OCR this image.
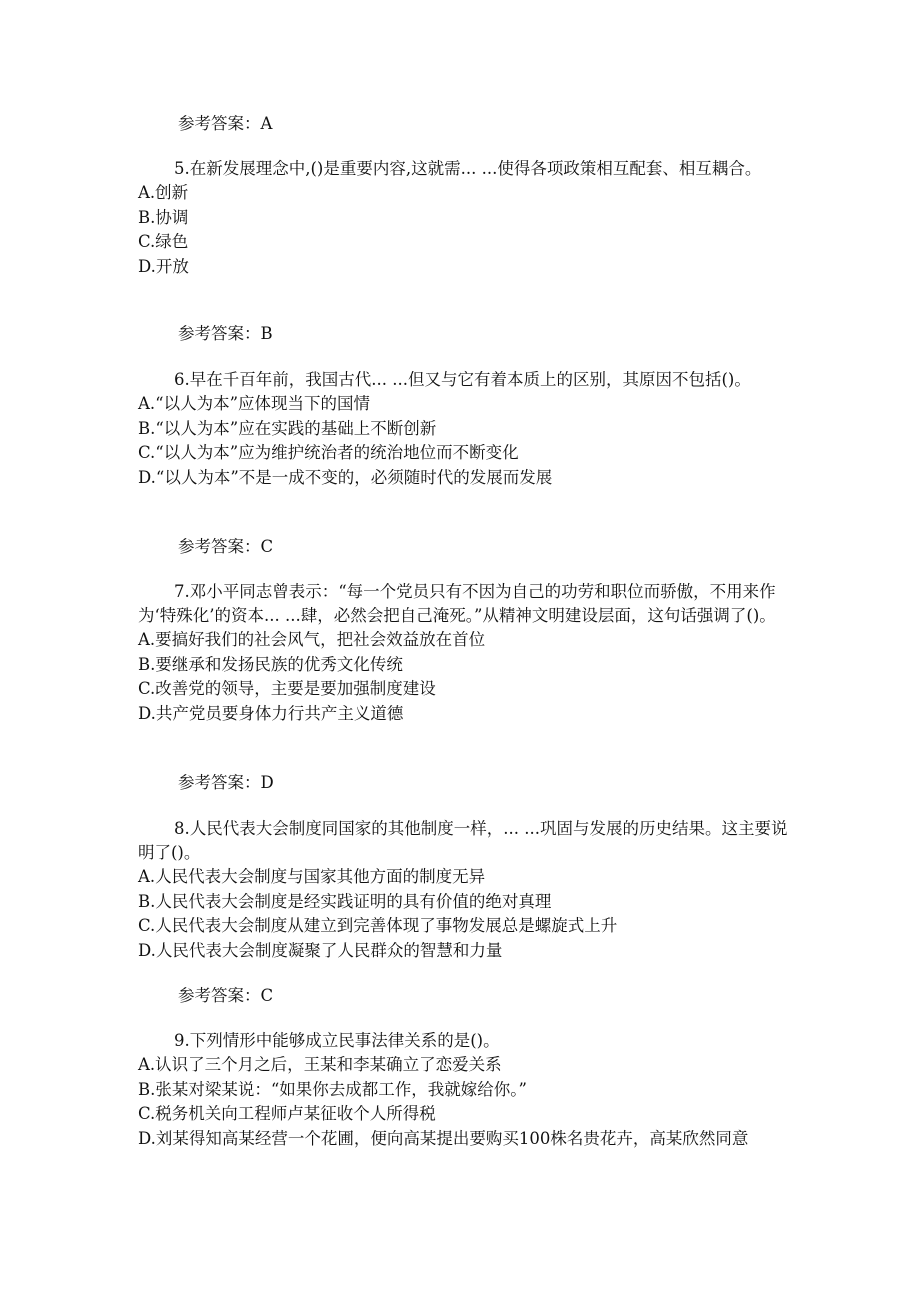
参考答案：A

5.在新发展理念中,()是重要内容,这就需... ...使得各项政策相互配套、相互耦合。

A.创新

B.协调

C.绿色

D.开放

参考答案：B

6.早在千百年前，我国古代... ...但又与它有着本质上的区别，其原因不包括()。

A.“以人为本”应体现当下的国情

B.“以人为本”应在实践的基础上不断创新

C.“以人为本”应为维护统治者的统治地位而不断变化

D.“以人为本”不是一成不变的，必须随时代的发展而发展

参考答案：C

7.邓小平同志曾表示：“每一个党员只有不因为自己的功劳和职位而骄傲，不用来作为‘特殊化’的资本... ...肆，必然会把自己淹死。”从精神文明建设层面，这句话强调了()。

A.要搞好我们的社会风气，把社会效益放在首位

B.要继承和发扬民族的优秀文化传统

C.改善党的领导，主要是要加强制度建设

D.共产党员要身体力行共产主义道德

参考答案：D

8.人民代表大会制度同国家的其他制度一样，... ...巩固与发展的历史结果。这主要说明了()。

A.人民代表大会制度与国家其他方面的制度无异

B.人民代表大会制度是经实践证明的具有价值的绝对真理

C.人民代表大会制度从建立到完善体现了事物发展总是螺旋式上升

D.人民代表大会制度凝聚了人民群众的智慧和力量

参考答案：C

9.下列情形中能够成立民事法律关系的是()。

A.认识了三个月之后，王某和李某确立了恋爱关系

B.张某对梁某说：“如果你去成都工作，我就嫁给你。”

C.税务机关向工程师卢某征收个人所得税

D.刘某得知高某经营一个花圃，便向高某提出要购买100株名贵花卉，高某欣然同意
